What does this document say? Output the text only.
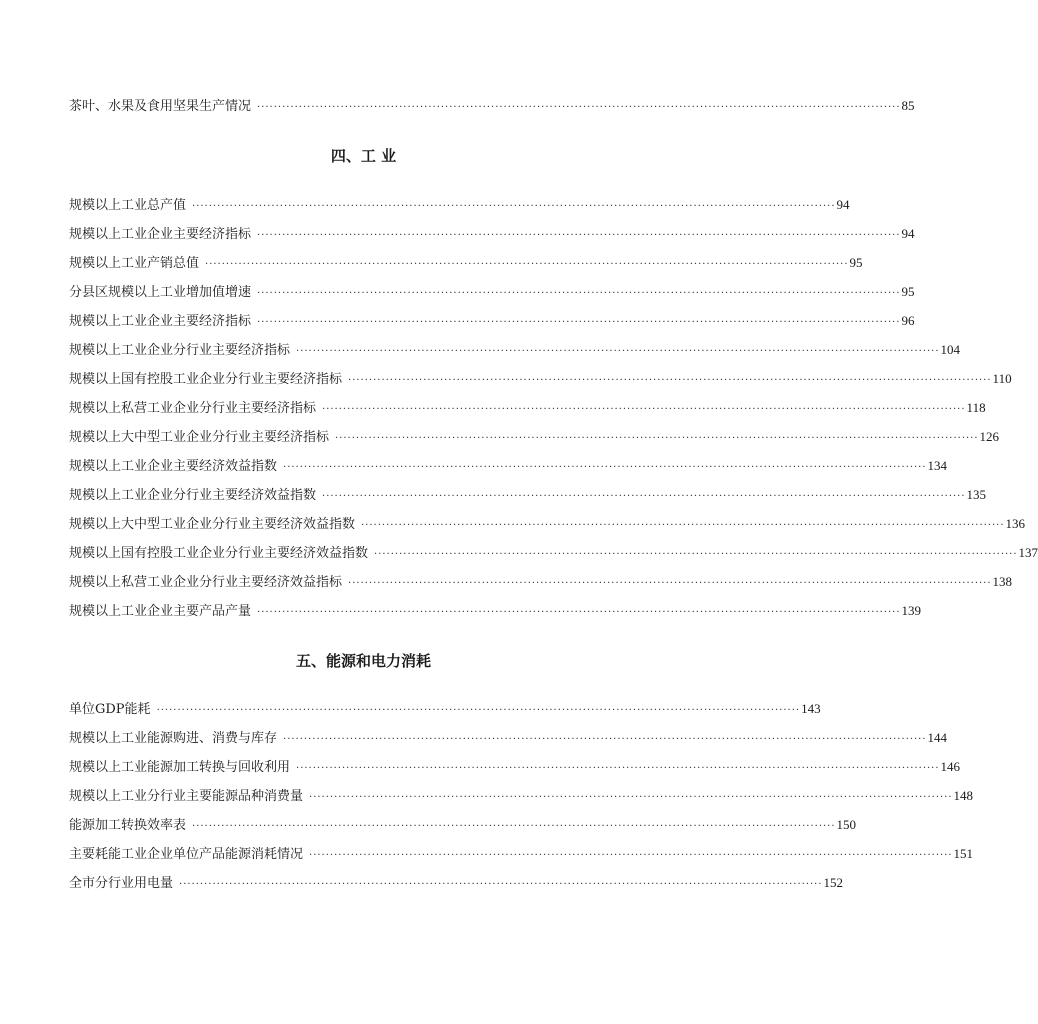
茶叶、水果及食用坚果生产情况 ·························································································································································· 85
四、工 业
规模以上工业总产值 ·························································································································································· 94
规模以上工业企业主要经济指标 ·························································································································································· 94
规模以上工业产销总值 ·························································································································································· 95
分县区规模以上工业增加值增速 ·························································································································································· 95
规模以上工业企业主要经济指标 ·························································································································································· 96
规模以上工业企业分行业主要经济指标 ·························································································································································· 104
规模以上国有控股工业企业分行业主要经济指标 ·························································································································································· 110
规模以上私营工业企业分行业主要经济指标 ·························································································································································· 118
规模以上大中型工业企业分行业主要经济指标 ·························································································································································· 126
规模以上工业企业主要经济效益指数 ·························································································································································· 134
规模以上工业企业分行业主要经济效益指数 ·························································································································································· 135
规模以上大中型工业企业分行业主要经济效益指数 ·························································································································································· 136
规模以上国有控股工业企业分行业主要经济效益指数 ·························································································································································· 137
规模以上私营工业企业分行业主要经济效益指标 ·························································································································································· 138
规模以上工业企业主要产品产量 ·························································································································································· 139
五、能源和电力消耗
单位GDP能耗 ·························································································································································· 143
规模以上工业能源购进、消费与库存 ·························································································································································· 144
规模以上工业能源加工转换与回收利用 ·························································································································································· 146
规模以上工业分行业主要能源品种消费量 ·························································································································································· 148
能源加工转换效率表 ·························································································································································· 150
主要耗能工业企业单位产品能源消耗情况 ·························································································································································· 151
全市分行业用电量 ·························································································································································· 152
